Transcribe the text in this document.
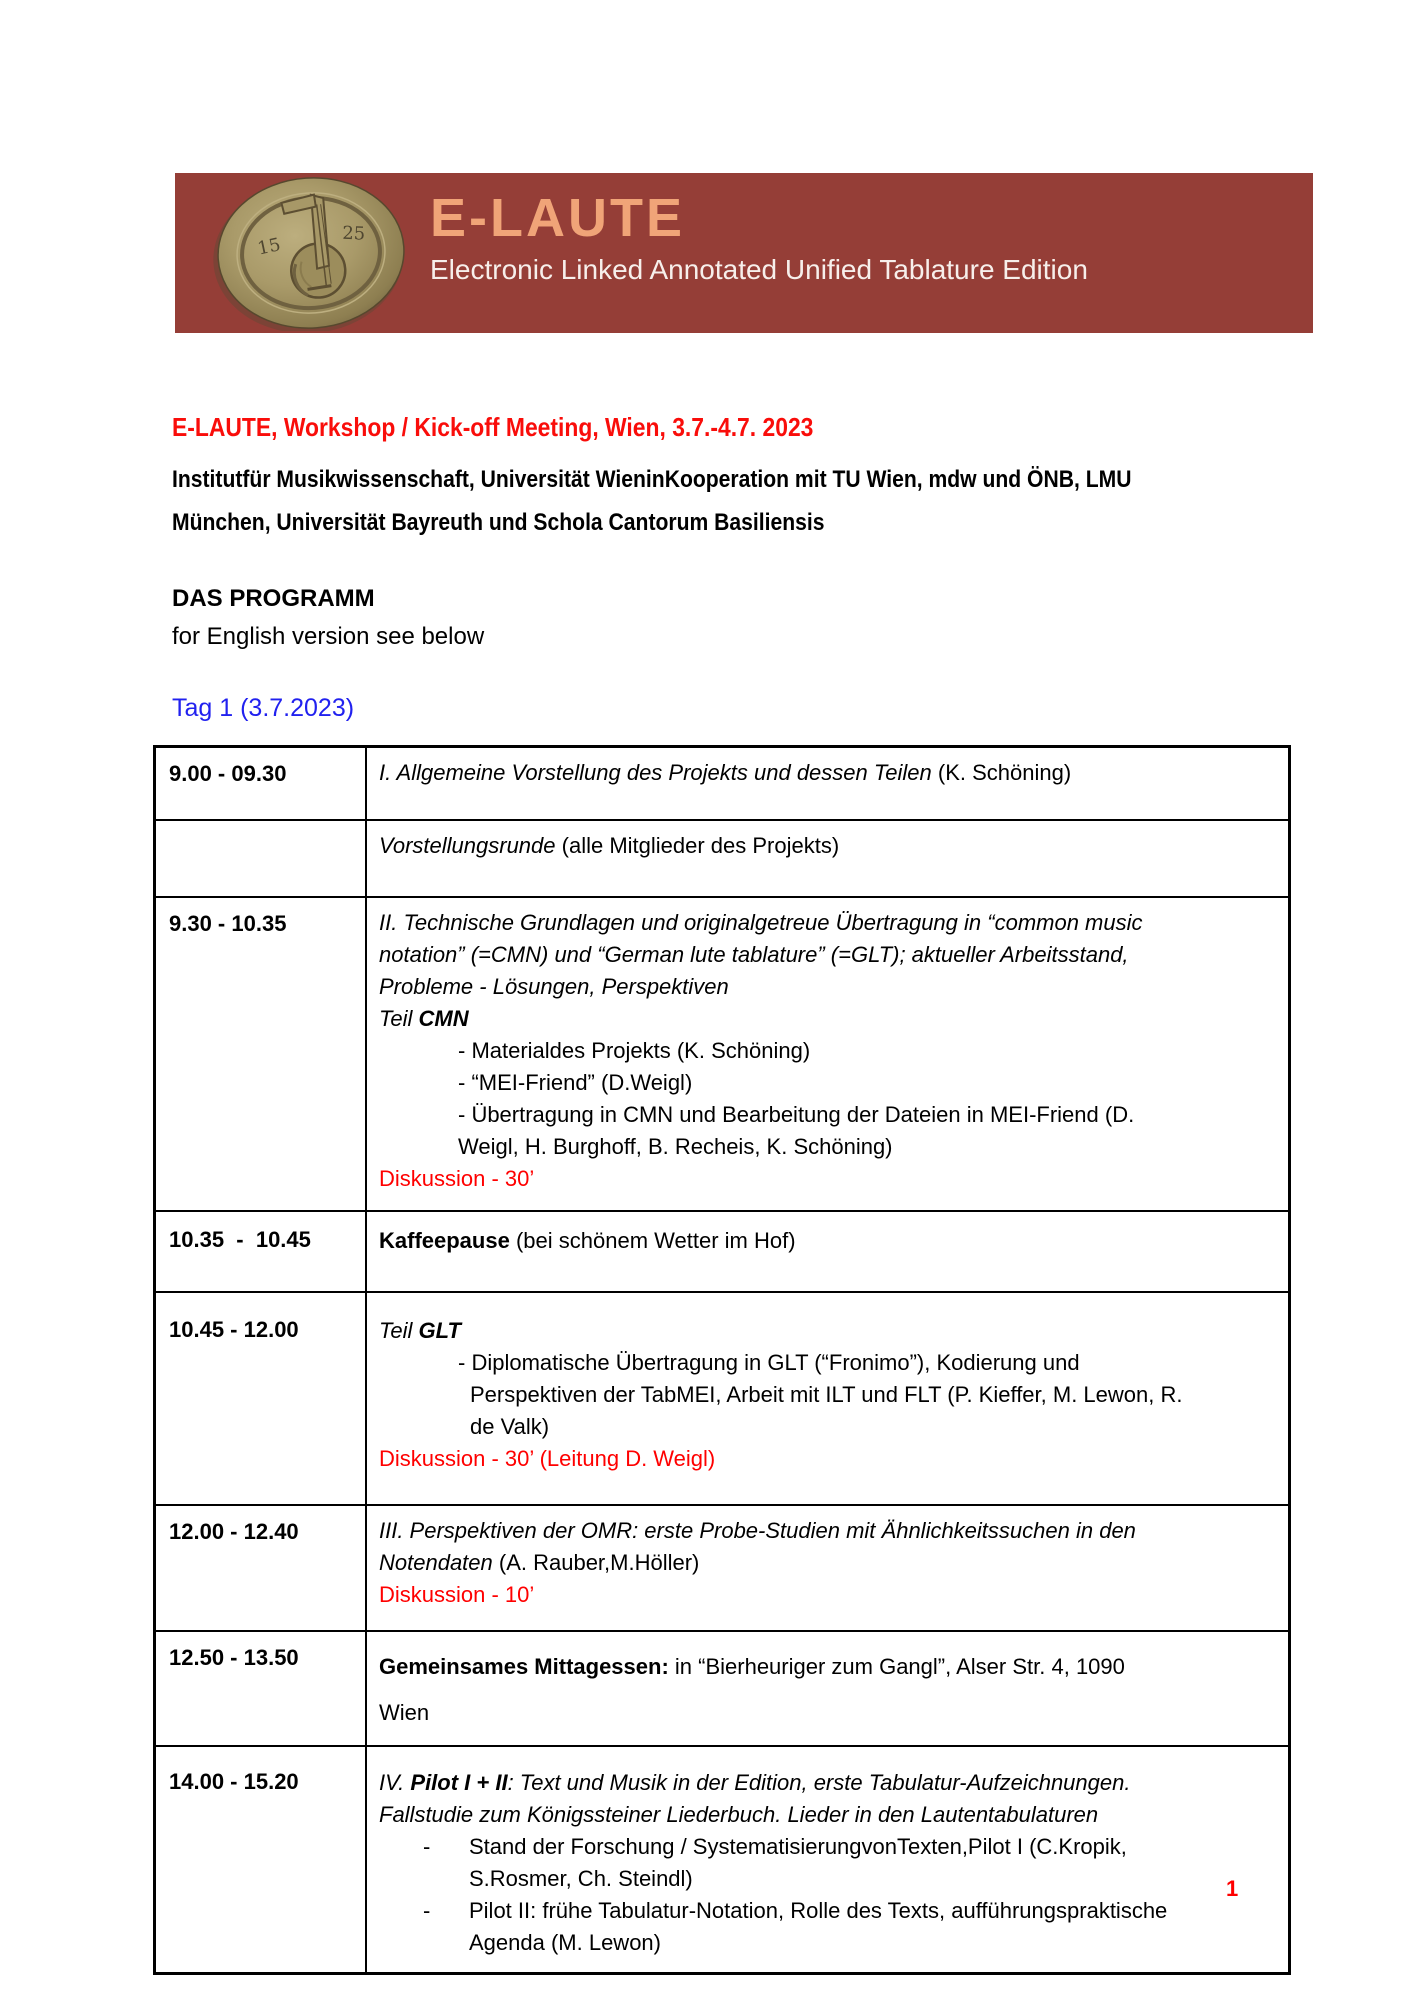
15
25 E-LAUTE
Electronic Linked Annotated Unified Tablature Edition
E-LAUTE, Workshop / Kick-off Meeting, Wien, 3.7.-4.7. 2023
Institutfür Musikwissenschaft, Universität WieninKooperation mit TU Wien, mdw und ÖNB, LMU
München, Universität Bayreuth und Schola Cantorum Basiliensis
DAS PROGRAMM
for English version see below
Tag 1 (3.7.2023)
9.00 - 09.30	I. Allgemeine Vorstellung des Projekts und dessen Teilen (K. Schöning)

	Vorstellungsrunde (alle Mitglieder des Projekts)

9.30 - 10.35	II. Technische Grundlagen und originalgetreue Übertragung in “common music
notation” (=CMN) und “German lute tablature” (=GLT); aktueller Arbeitsstand,
Probleme - Lösungen, Perspektiven
Teil CMN
- Materialdes Projekts (K. Schöning)
- “MEI-Friend” (D.Weigl)
- Übertragung in CMN und Bearbeitung der Dateien in MEI-Friend (D.
Weigl, H. Burghoff, B. Recheis, K. Schöning)
Diskussion - 30’

10.35  -  10.45	Kaffeepause (bei schönem Wetter im Hof)

10.45 - 12.00	Teil GLT
- Diplomatische Übertragung in GLT (“Fronimo”), Kodierung und
Perspektiven der TabMEI, Arbeit mit ILT und FLT (P. Kieffer, M. Lewon, R.
de Valk)
Diskussion - 30’ (Leitung D. Weigl)

12.00 - 12.40	III. Perspektiven der OMR: erste Probe-Studien mit Ähnlichkeitssuchen in den
Notendaten (A. Rauber,M.Höller)
Diskussion - 10’

12.50 - 13.50	Gemeinsames Mittagessen: in “Bierheuriger zum Gangl”, Alser Str. 4, 1090
Wien

14.00 - 15.20	IV. Pilot I + II: Text und Musik in der Edition, erste Tabulatur-Aufzeichnungen.
Fallstudie zum Königssteiner Liederbuch. Lieder in den Lautentabulaturen
-	Stand der Forschung / SystematisierungvonTexten,Pilot I (C.Kropik,
S.Rosmer, Ch. Steindl)
-	Pilot II: frühe Tabulatur-Notation, Rolle des Texts, aufführungspraktische
Agenda (M. Lewon)
1
